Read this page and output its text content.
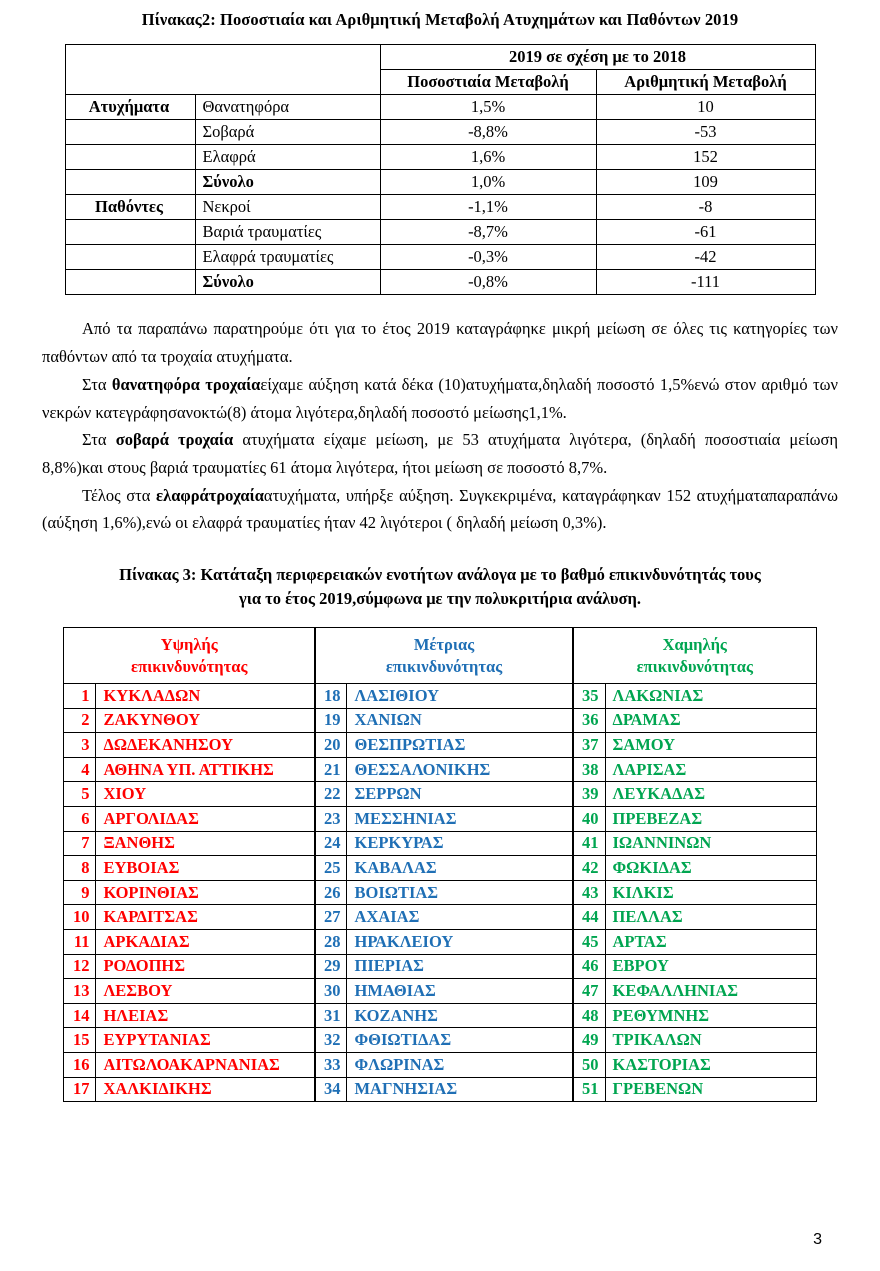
Πίνακας2: Ποσοστιαία και Αριθμητική Μεταβολή Ατυχημάτων και Παθόντων 2019
		2019 σε σχέση με το 2018	
		Ποσοστιαία Μεταβολή	Αριθμητική Μεταβολή
Ατυχήματα	Θανατηφόρα	1,5%	10
	Σοβαρά	-8,8%	-53
	Ελαφρά	1,6%	152
	Σύνολο	1,0%	109
Παθόντες	Νεκροί	-1,1%	-8
	Βαριά τραυματίες	-8,7%	-61
	Ελαφρά τραυματίες	-0,3%	-42
	Σύνολο	-0,8%	-111

Από τα παραπάνω παρατηρούμε ότι για το έτος 2019 καταγράφηκε μικρή μείωση σε όλες τις κατηγορίες των παθόντων από τα τροχαία ατυχήματα.

Στα θανατηφόρα τροχαίαείχαμε αύξηση κατά δέκα (10)ατυχήματα,δηλαδή ποσοστό 1,5%ενώ στον αριθμό των νεκρών κατεγράφησανοκτώ(8) άτομα λιγότερα,δηλαδή ποσοστό μείωσης1,1%.

Στα σοβαρά τροχαία ατυχήματα είχαμε μείωση, με 53 ατυχήματα λιγότερα, (δηλαδή ποσοστιαία μείωση 8,8%)και στους βαριά τραυματίες 61 άτομα λιγότερα, ήτοι μείωση σε ποσοστό 8,7%.

Τέλος στα ελαφράτροχαίαατυχήματα, υπήρξε αύξηση. Συγκεκριμένα, καταγράφηκαν 152 ατυχήματαπαραπάνω (αύξηση 1,6%),ενώ οι ελαφρά τραυματίες ήταν 42 λιγότεροι ( δηλαδή μείωση 0,3%).

Πίνακας 3: Κατάταξη περιφερειακών ενοτήτων ανάλογα με το βαθμό επικινδυνότητάς τους
για το έτος 2019,σύμφωνα με την πολυκριτήρια ανάλυση.
Υψηλής
επικινδυνότητας

Μέτριας
επικινδυνότητας

Χαμηλής
επικινδυνότητας

1	ΚΥΚΛΑΔΩΝ	18	ΛΑΣΙΘΙΟΥ	35	ΛΑΚΩΝΙΑΣ
2	ΖΑΚΥΝΘΟΥ	19	ΧΑΝΙΩΝ	36	ΔΡΑΜΑΣ
3	ΔΩΔΕΚΑΝΗΣΟΥ	20	ΘΕΣΠΡΩΤΙΑΣ	37	ΣΑΜΟΥ
4	ΑΘΗΝΑ ΥΠ. ΑΤΤΙΚΗΣ	21	ΘΕΣΣΑΛΟΝΙΚΗΣ	38	ΛΑΡΙΣΑΣ
5	ΧΙΟΥ	22	ΣΕΡΡΩΝ	39	ΛΕΥΚΑΔΑΣ
6	ΑΡΓΟΛΙΔΑΣ	23	ΜΕΣΣΗΝΙΑΣ	40	ΠΡΕΒΕΖΑΣ
7	ΞΑΝΘΗΣ	24	ΚΕΡΚΥΡΑΣ	41	ΙΩΑΝΝΙΝΩΝ
8	ΕΥΒΟΙΑΣ	25	ΚΑΒΑΛΑΣ	42	ΦΩΚΙΔΑΣ
9	ΚΟΡΙΝΘΙΑΣ	26	ΒΟΙΩΤΙΑΣ	43	ΚΙΛΚΙΣ
10	ΚΑΡΔΙΤΣΑΣ	27	ΑΧΑΙΑΣ	44	ΠΕΛΛΑΣ
11	ΑΡΚΑΔΙΑΣ	28	ΗΡΑΚΛΕΙΟΥ	45	ΑΡΤΑΣ
12	ΡΟΔΟΠΗΣ	29	ΠΙΕΡΙΑΣ	46	ΕΒΡΟΥ
13	ΛΕΣΒΟΥ	30	ΗΜΑΘΙΑΣ	47	ΚΕΦΑΛΛΗΝΙΑΣ
14	ΗΛΕΙΑΣ	31	ΚΟΖΑΝΗΣ	48	ΡΕΘΥΜΝΗΣ
15	ΕΥΡΥΤΑΝΙΑΣ	32	ΦΘΙΩΤΙΔΑΣ	49	ΤΡΙΚΑΛΩΝ
16	ΑΙΤΩΛΟΑΚΑΡΝΑΝΙΑΣ	33	ΦΛΩΡΙΝΑΣ	50	ΚΑΣΤΟΡΙΑΣ
17	ΧΑΛΚΙΔΙΚΗΣ	34	ΜΑΓΝΗΣΙΑΣ	51	ΓΡΕΒΕΝΩΝ
3
